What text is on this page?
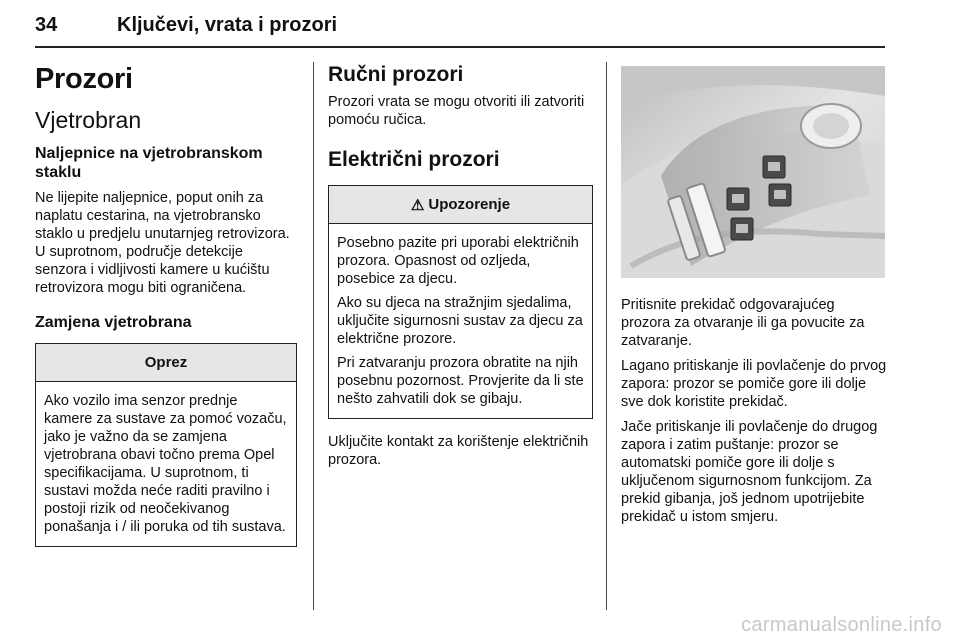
34	Ključevi, vrata i prozori
Prozori
Vjetrobran
Naljepnice na vjetrobranskom staklu

Ne lijepite naljepnice, poput onih za naplatu cestarina, na vjetrobransko staklo u predjelu unutarnjeg retrovizora. U suprotnom, područje detekcije senzora i vidljivosti kamere u kućištu retrovizora mogu biti ograničena.

Zamjena vjetrobrana
Oprez

Ako vozilo ima senzor prednje kamere za sustave za pomoć vozaču, jako je važno da se zamjena vjetrobrana obavi točno prema Opel specifikacijama. U suprotnom, ti sustavi možda neće raditi pravilno i postoji rizik od neočekivanog ponašanja i / ili poruka od tih sustava.

Ručni prozori

Prozori vrata se mogu otvoriti ili zatvoriti pomoću ručica.

Električni prozori
⚠ Upozorenje

Posebno pazite pri uporabi električnih prozora. Opasnost od ozljeda, posebice za djecu.

Ako su djeca na stražnjim sjedalima, uključite sigurnosni sustav za djecu za električne prozore.

Pri zatvaranju prozora obratite na njih posebnu pozornost. Provjerite da li ste nešto zahvatili dok se gibaju.

Uključite kontakt za korištenje električnih prozora.

Pritisnite prekidač odgovarajućeg prozora za otvaranje ili ga povucite za zatvaranje.

Lagano pritiskanje ili povlačenje do prvog zapora: prozor se pomiče gore ili dolje sve dok koristite prekidač.

Jače pritiskanje ili povlačenje do drugog zapora i zatim puštanje: prozor se automatski pomiče gore ili dolje s uključenom sigurnosnom funkcijom. Za prekid gibanja, još jednom upotrijebite prekidač u istom smjeru.

carmanualsonline.info
